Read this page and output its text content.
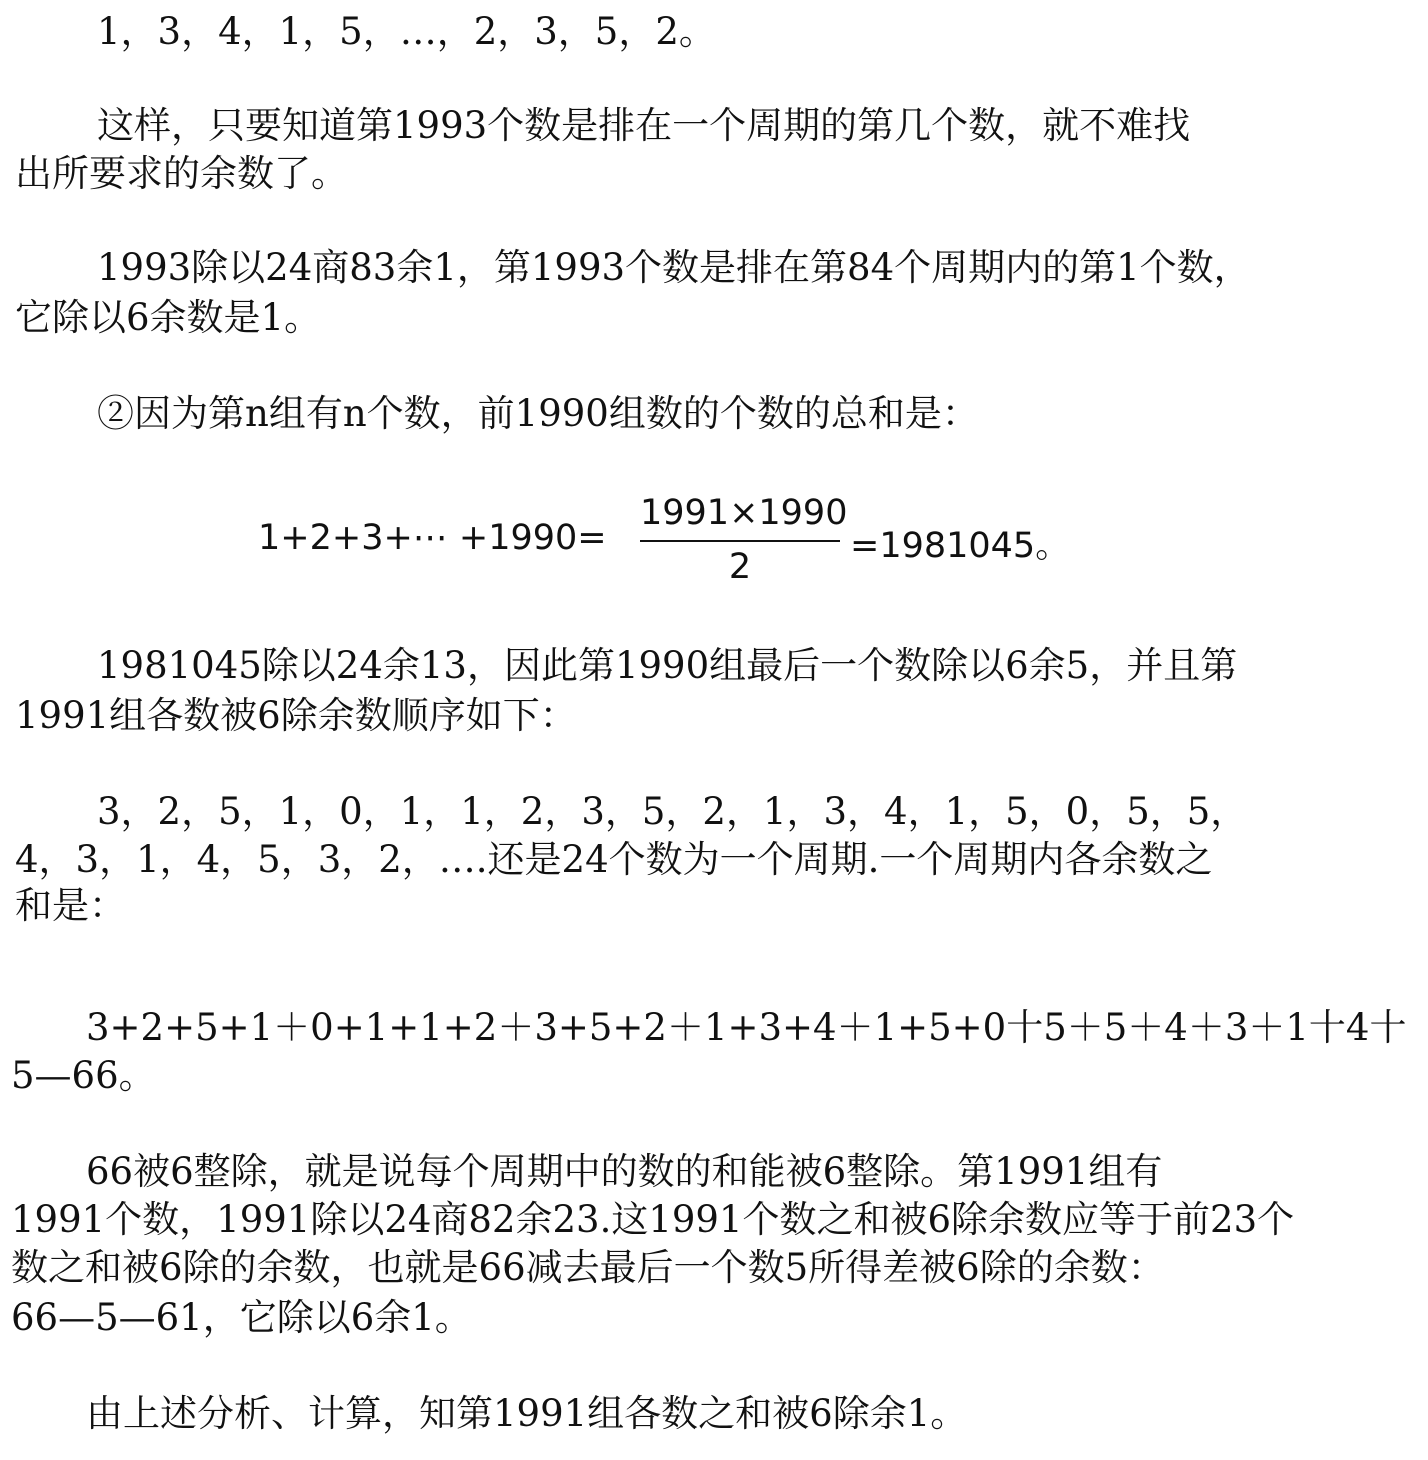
1，3，4，1，5，…，2，3，5，2。
这样，只要知道第1993个数是排在一个周期的第几个数，就不难找
出所要求的余数了。
1993除以24商83余1，第1993个数是排在第84个周期内的第1个数，
它除以6余数是1。
②因为第n组有n个数，前1990组数的个数的总和是：
1+2+3+⋯ +1990=
1991×1990
2
=1981045。
1981045除以24余13，因此第1990组最后一个数除以6余5，并且第
1991组各数被6除余数顺序如下：
3，2，5，1，0，1，1，2，3，5，2，1，3，4，1，5，0，5，5，
4，3，1，4，5，3，2，….还是24个数为一个周期.一个周期内各余数之
和是：
3+2+5+1＋0+1+1+2＋3+5+2＋1+3+4＋1+5+0十5＋5＋4＋3＋1十4十
5—66。
66被6整除，就是说每个周期中的数的和能被6整除。第1991组有
1991个数，1991除以24商82余23.这1991个数之和被6除余数应等于前23个
数之和被6除的余数，也就是66减去最后一个数5所得差被6除的余数：
66—5—61，它除以6余1。
由上述分析、计算，知第1991组各数之和被6除余1。
